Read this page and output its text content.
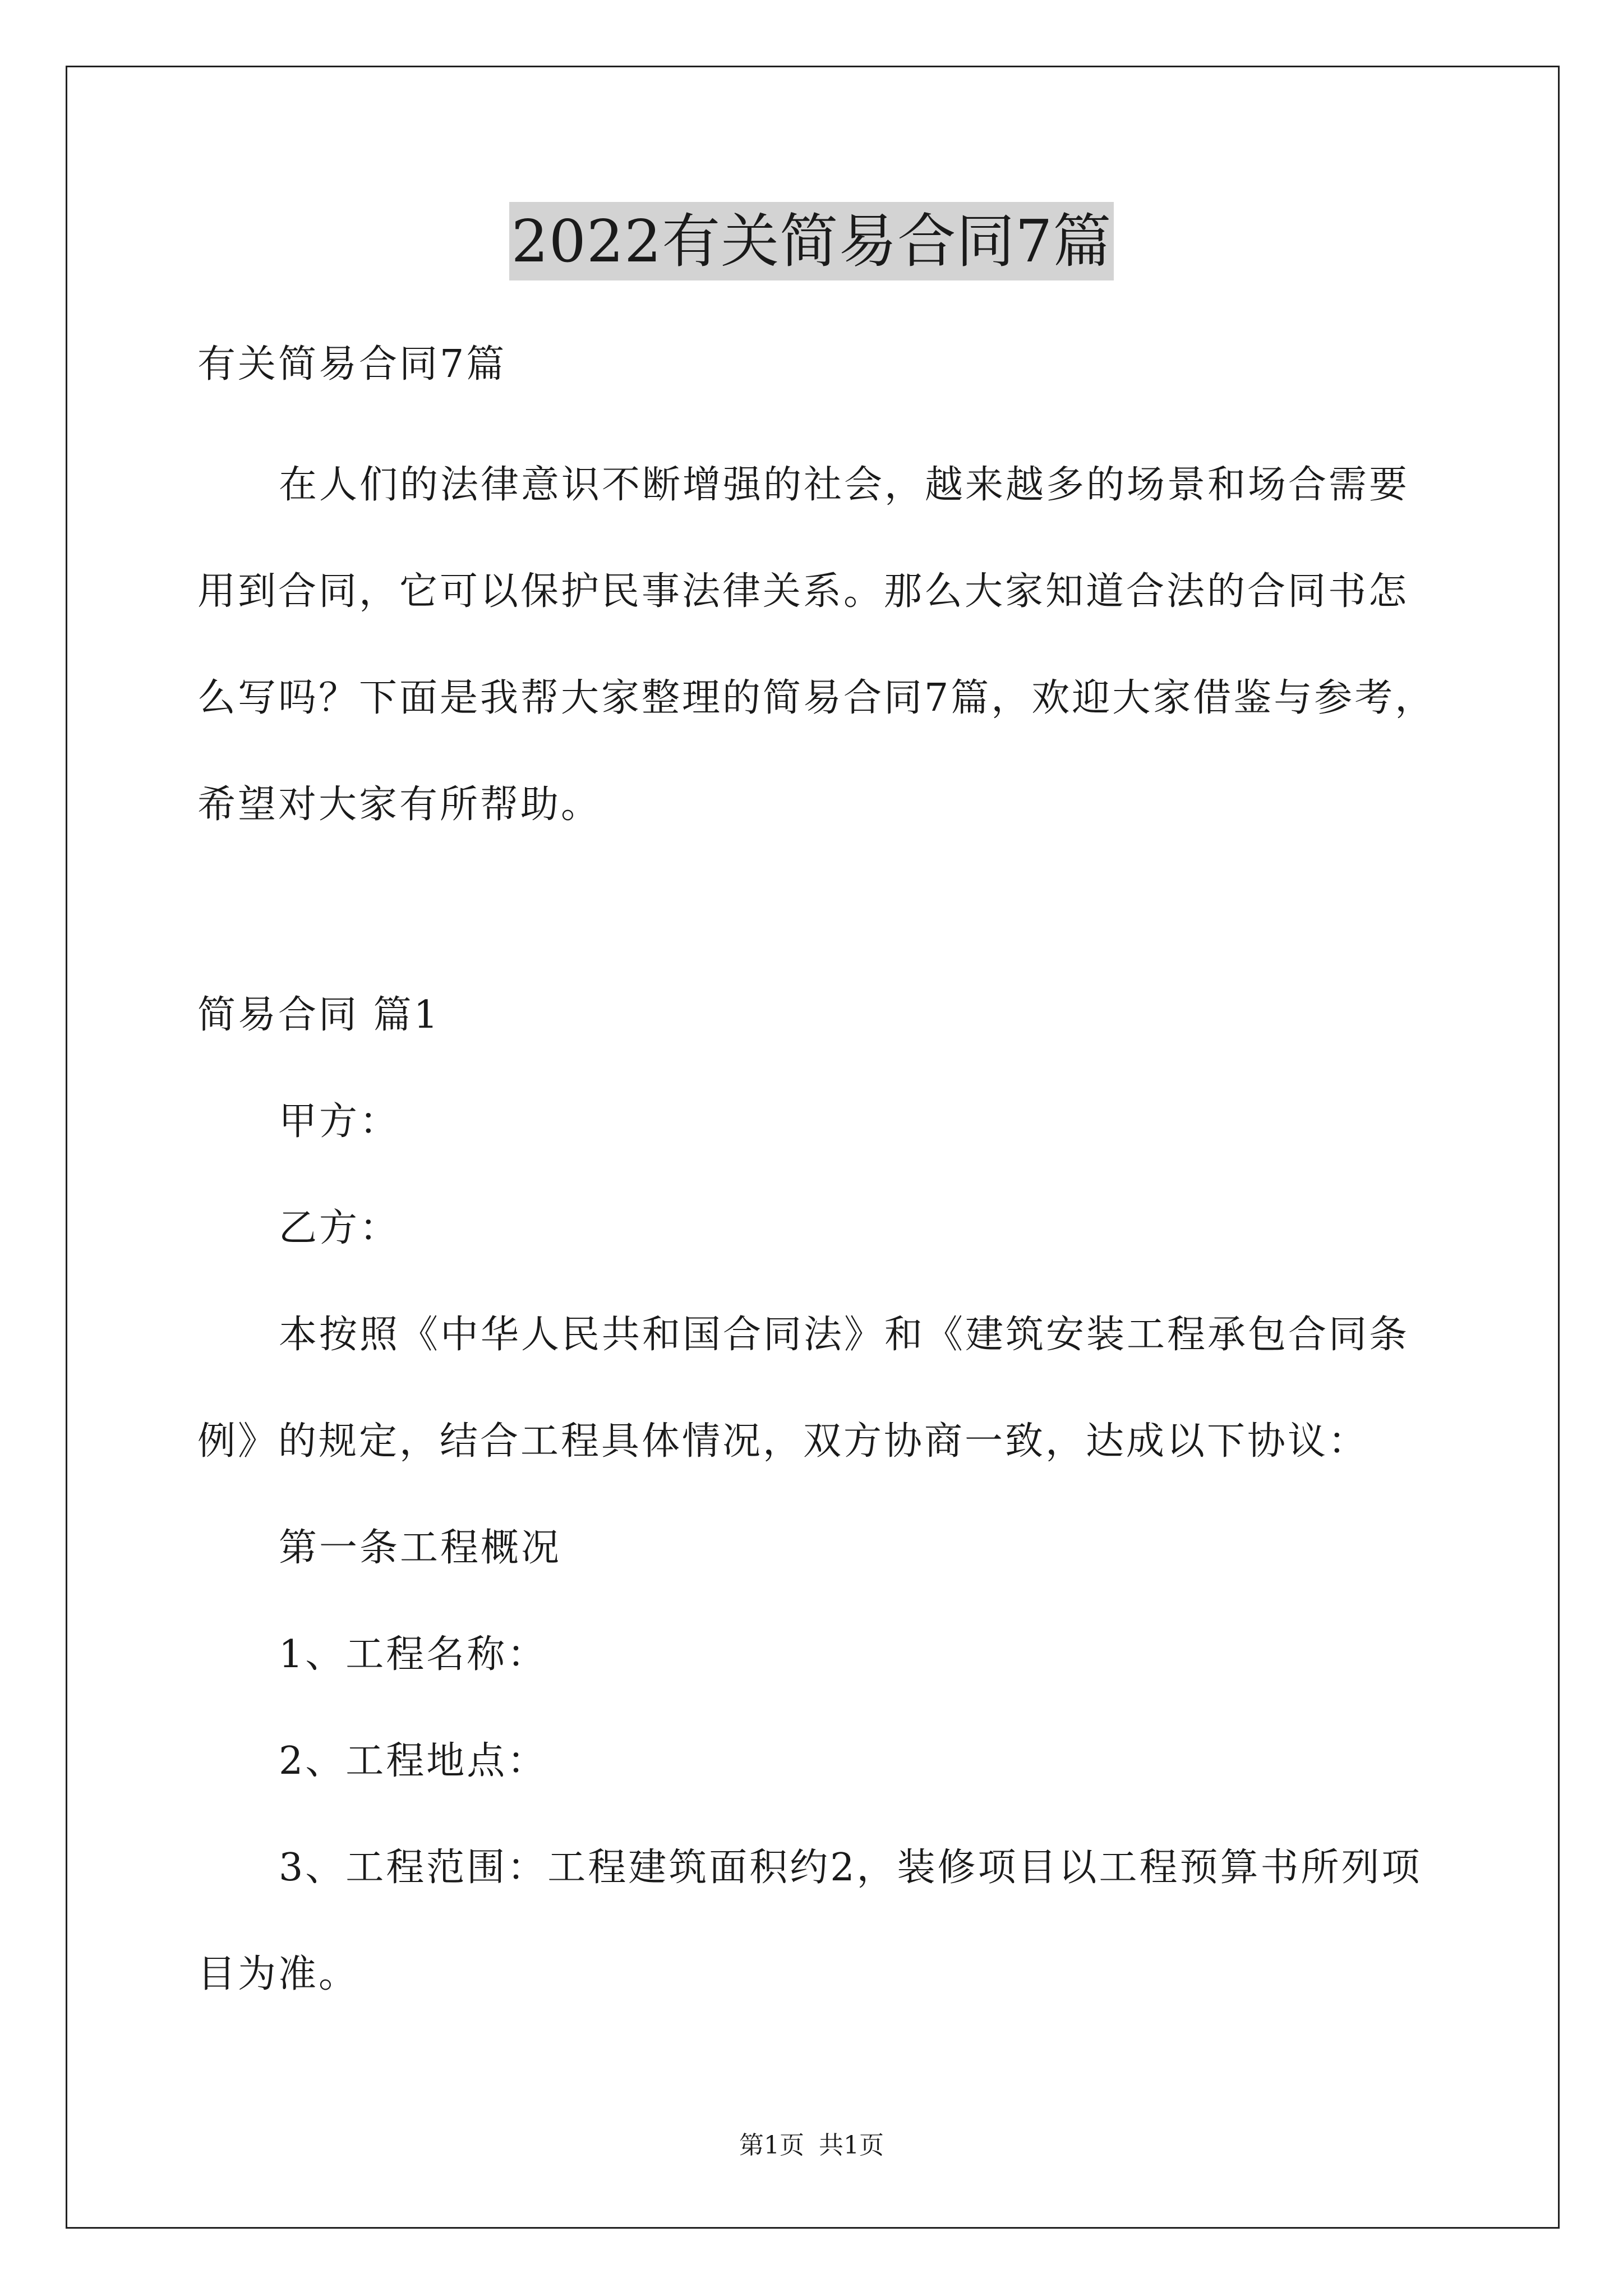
2022有关简易合同7篇
有关简易合同7篇
在人们的法律意识不断增强的社会，越来越多的场景和场合需要
用到合同，它可以保护民事法律关系。那么大家知道合法的合同书怎
么写吗？下面是我帮大家整理的简易合同7篇，欢迎大家借鉴与参考，
希望对大家有所帮助。
简易合同 篇1
甲方：
乙方：
本按照《中华人民共和国合同法》和《建筑安装工程承包合同条
例》的规定，结合工程具体情况，双方协商一致，达成以下协议：
第一条工程概况
1、工程名称：
2、工程地点：
3、工程范围：工程建筑面积约2，装修项目以工程预算书所列项
目为准。
第1页 共1页
